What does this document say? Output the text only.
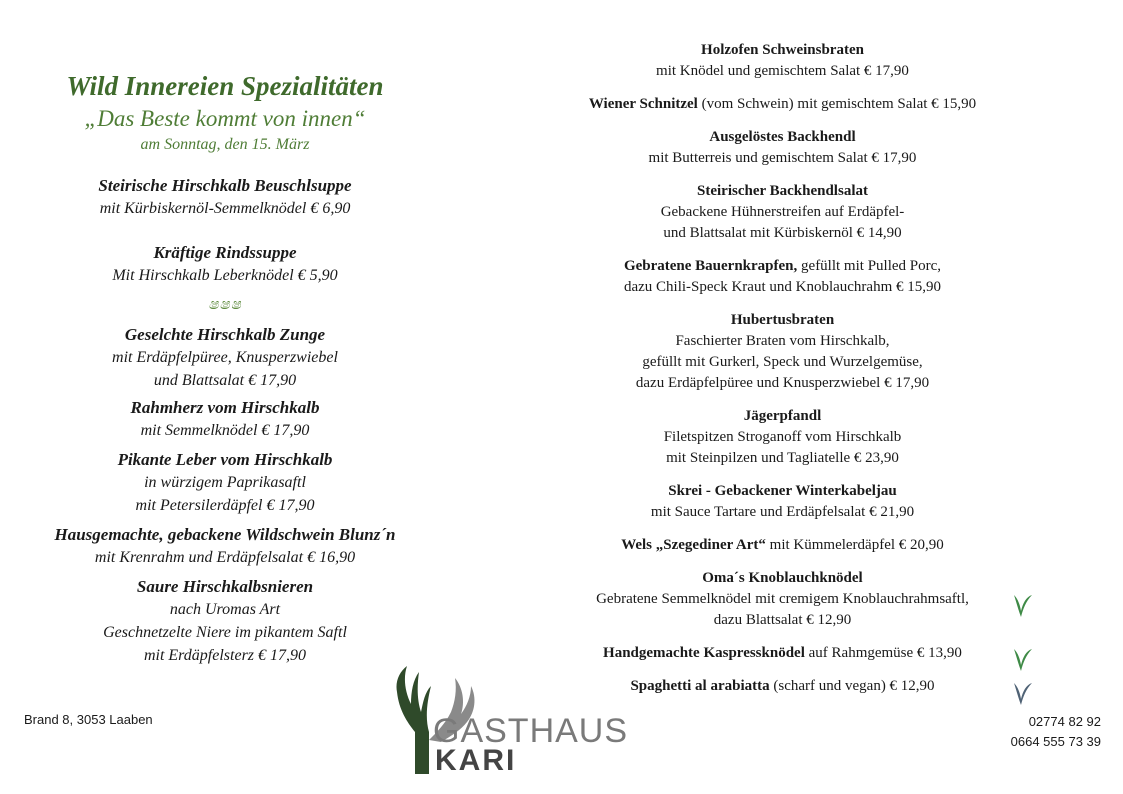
Wild Innereien Spezialitäten
„Das Beste kommt von innen“
am Sonntag, den 15. März
Steirische Hirschkalb Beuschlsuppe
mit Kürbiskernöl-Semmelknödel € 6,90
Kräftige Rindssuppe
Mit Hirschkalb Leberknödel € 5,90
ෂෂෂ
Geselchte Hirschkalb Zunge
mit Erdäpfelpüree, Knusperzwiebel
und Blattsalat € 17,90
Rahmherz vom Hirschkalb
mit Semmelknödel € 17,90
Pikante Leber vom Hirschkalb
in würzigem Paprikasaftl
mit Petersilerdäpfel € 17,90
Hausgemachte, gebackene Wildschwein Blunz´n
mit Krenrahm und Erdäpfelsalat € 16,90
Saure Hirschkalbsnieren
nach Uromas Art
Geschnetzelte Niere im pikantem Saftl
mit Erdäpfelsterz € 17,90
Holzofen Schweinsbraten
mit Knödel und gemischtem Salat € 17,90
Wiener Schnitzel (vom Schwein) mit gemischtem Salat € 15,90
Ausgelöstes Backhendl
mit Butterreis und gemischtem Salat € 17,90
Steirischer Backhendlsalat
Gebackene Hühnerstreifen auf Erdäpfel-
und Blattsalat mit Kürbiskernöl € 14,90
Gebratene Bauernkrapfen, gefüllt mit Pulled Porc,
dazu Chili-Speck Kraut und Knoblauchrahm € 15,90
Hubertusbraten
Faschierter Braten vom Hirschkalb,
gefüllt mit Gurkerl, Speck und Wurzelgemüse,
dazu Erdäpfelpüree und Knusperzwiebel € 17,90
Jägerpfandl
Filetspitzen Stroganoff vom Hirschkalb
mit Steinpilzen und Tagliatelle € 23,90
Skrei - Gebackener Winterkabeljau
mit Sauce Tartare und Erdäpfelsalat € 21,90
Wels „Szegediner Art“ mit Kümmelerdäpfel € 20,90
Oma´s Knoblauchknödel
Gebratene Semmelknödel mit cremigem Knoblauchrahmsaftl,
dazu Blattsalat € 12,90
Handgemachte Kaspressknödel auf Rahmgemüse € 13,90
Spaghetti al arabiatta (scharf und vegan) € 12,90
Brand 8, 3053 Laaben	02774 82 92
0664 555 73 39
GASTHAUS
KARI
